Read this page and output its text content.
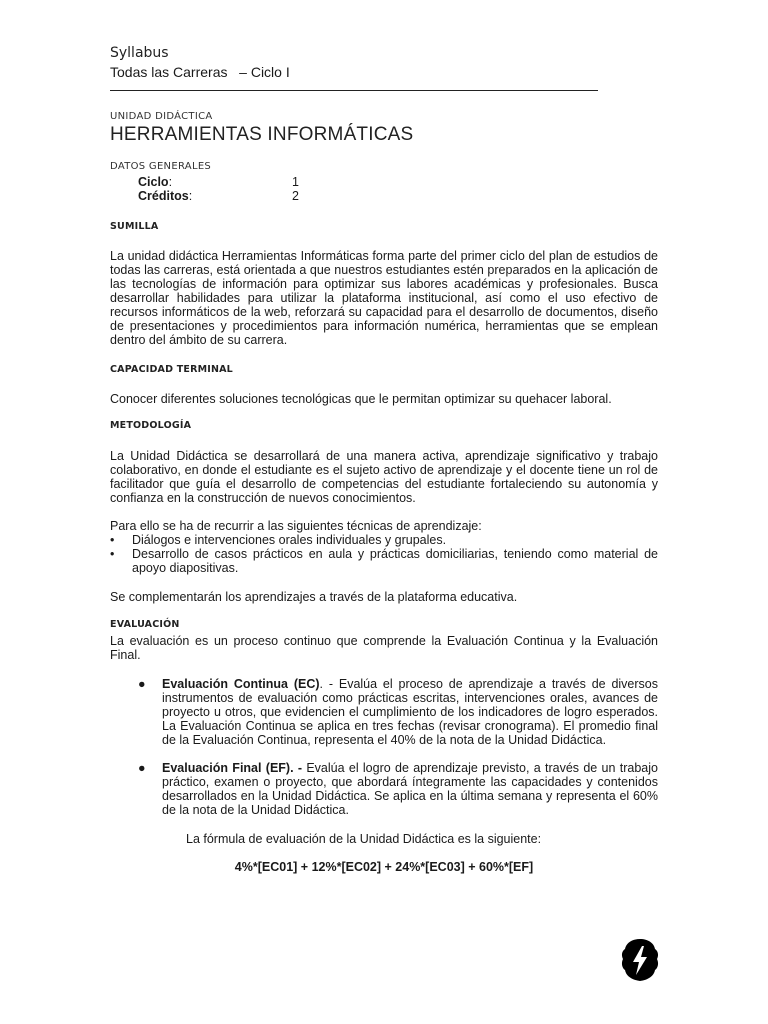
Syllabus
Todas las Carreras   – Ciclo I
UNIDAD DIDÁCTICA
HERRAMIENTAS INFORMÁTICAS
DATOS GENERALES
Ciclo:	1
Créditos:	2
SUMILLA
La unidad didáctica Herramientas Informáticas forma parte del primer ciclo del plan de estudios de todas las carreras, está orientada a que nuestros estudiantes estén preparados en la aplicación de las tecnologías de información para optimizar sus labores académicas y profesionales. Busca desarrollar habilidades para utilizar la plataforma institucional, así como el uso efectivo de recursos informáticos de la web, reforzará su capacidad para el desarrollo de documentos, diseño de presentaciones y procedimientos para información numérica, herramientas que se emplean dentro del ámbito de su carrera.
CAPACIDAD TERMINAL
Conocer diferentes soluciones tecnológicas que le permitan optimizar su quehacer laboral.
METODOLOGÍA
La Unidad Didáctica se desarrollará de una manera activa, aprendizaje significativo y trabajo colaborativo, en donde el estudiante es el sujeto activo de aprendizaje y el docente tiene un rol de facilitador que guía el desarrollo de competencias del estudiante fortaleciendo su autonomía y confianza en la construcción de nuevos conocimientos.
Para ello se ha de recurrir a las siguientes técnicas de aprendizaje:
• Diálogos e intervenciones orales individuales y grupales.
• Desarrollo de casos prácticos en aula y prácticas domiciliarias, teniendo como material de apoyo diapositivas.
Se complementarán los aprendizajes a través de la plataforma educativa.
EVALUACIÓN
La evaluación es un proceso continuo que comprende la Evaluación Continua y la Evaluación Final.
● Evaluación Continua (EC). - Evalúa el proceso de aprendizaje a través de diversos instrumentos de evaluación como prácticas escritas, intervenciones orales, avances de proyecto u otros, que evidencien el cumplimiento de los indicadores de logro esperados. La Evaluación Continua se aplica en tres fechas (revisar cronograma). El promedio final de la Evaluación Continua, representa el 40% de la nota de la Unidad Didáctica.
● Evaluación Final (EF). - Evalúa el logro de aprendizaje previsto, a través de un trabajo práctico, examen o proyecto, que abordará íntegramente las capacidades y contenidos desarrollados en la Unidad Didáctica. Se aplica en la última semana y representa el 60% de la nota de la Unidad Didáctica.
La fórmula de evaluación de la Unidad Didáctica es la siguiente:
4%*[EC01] + 12%*[EC02] + 24%*[EC03] + 60%*[EF]
